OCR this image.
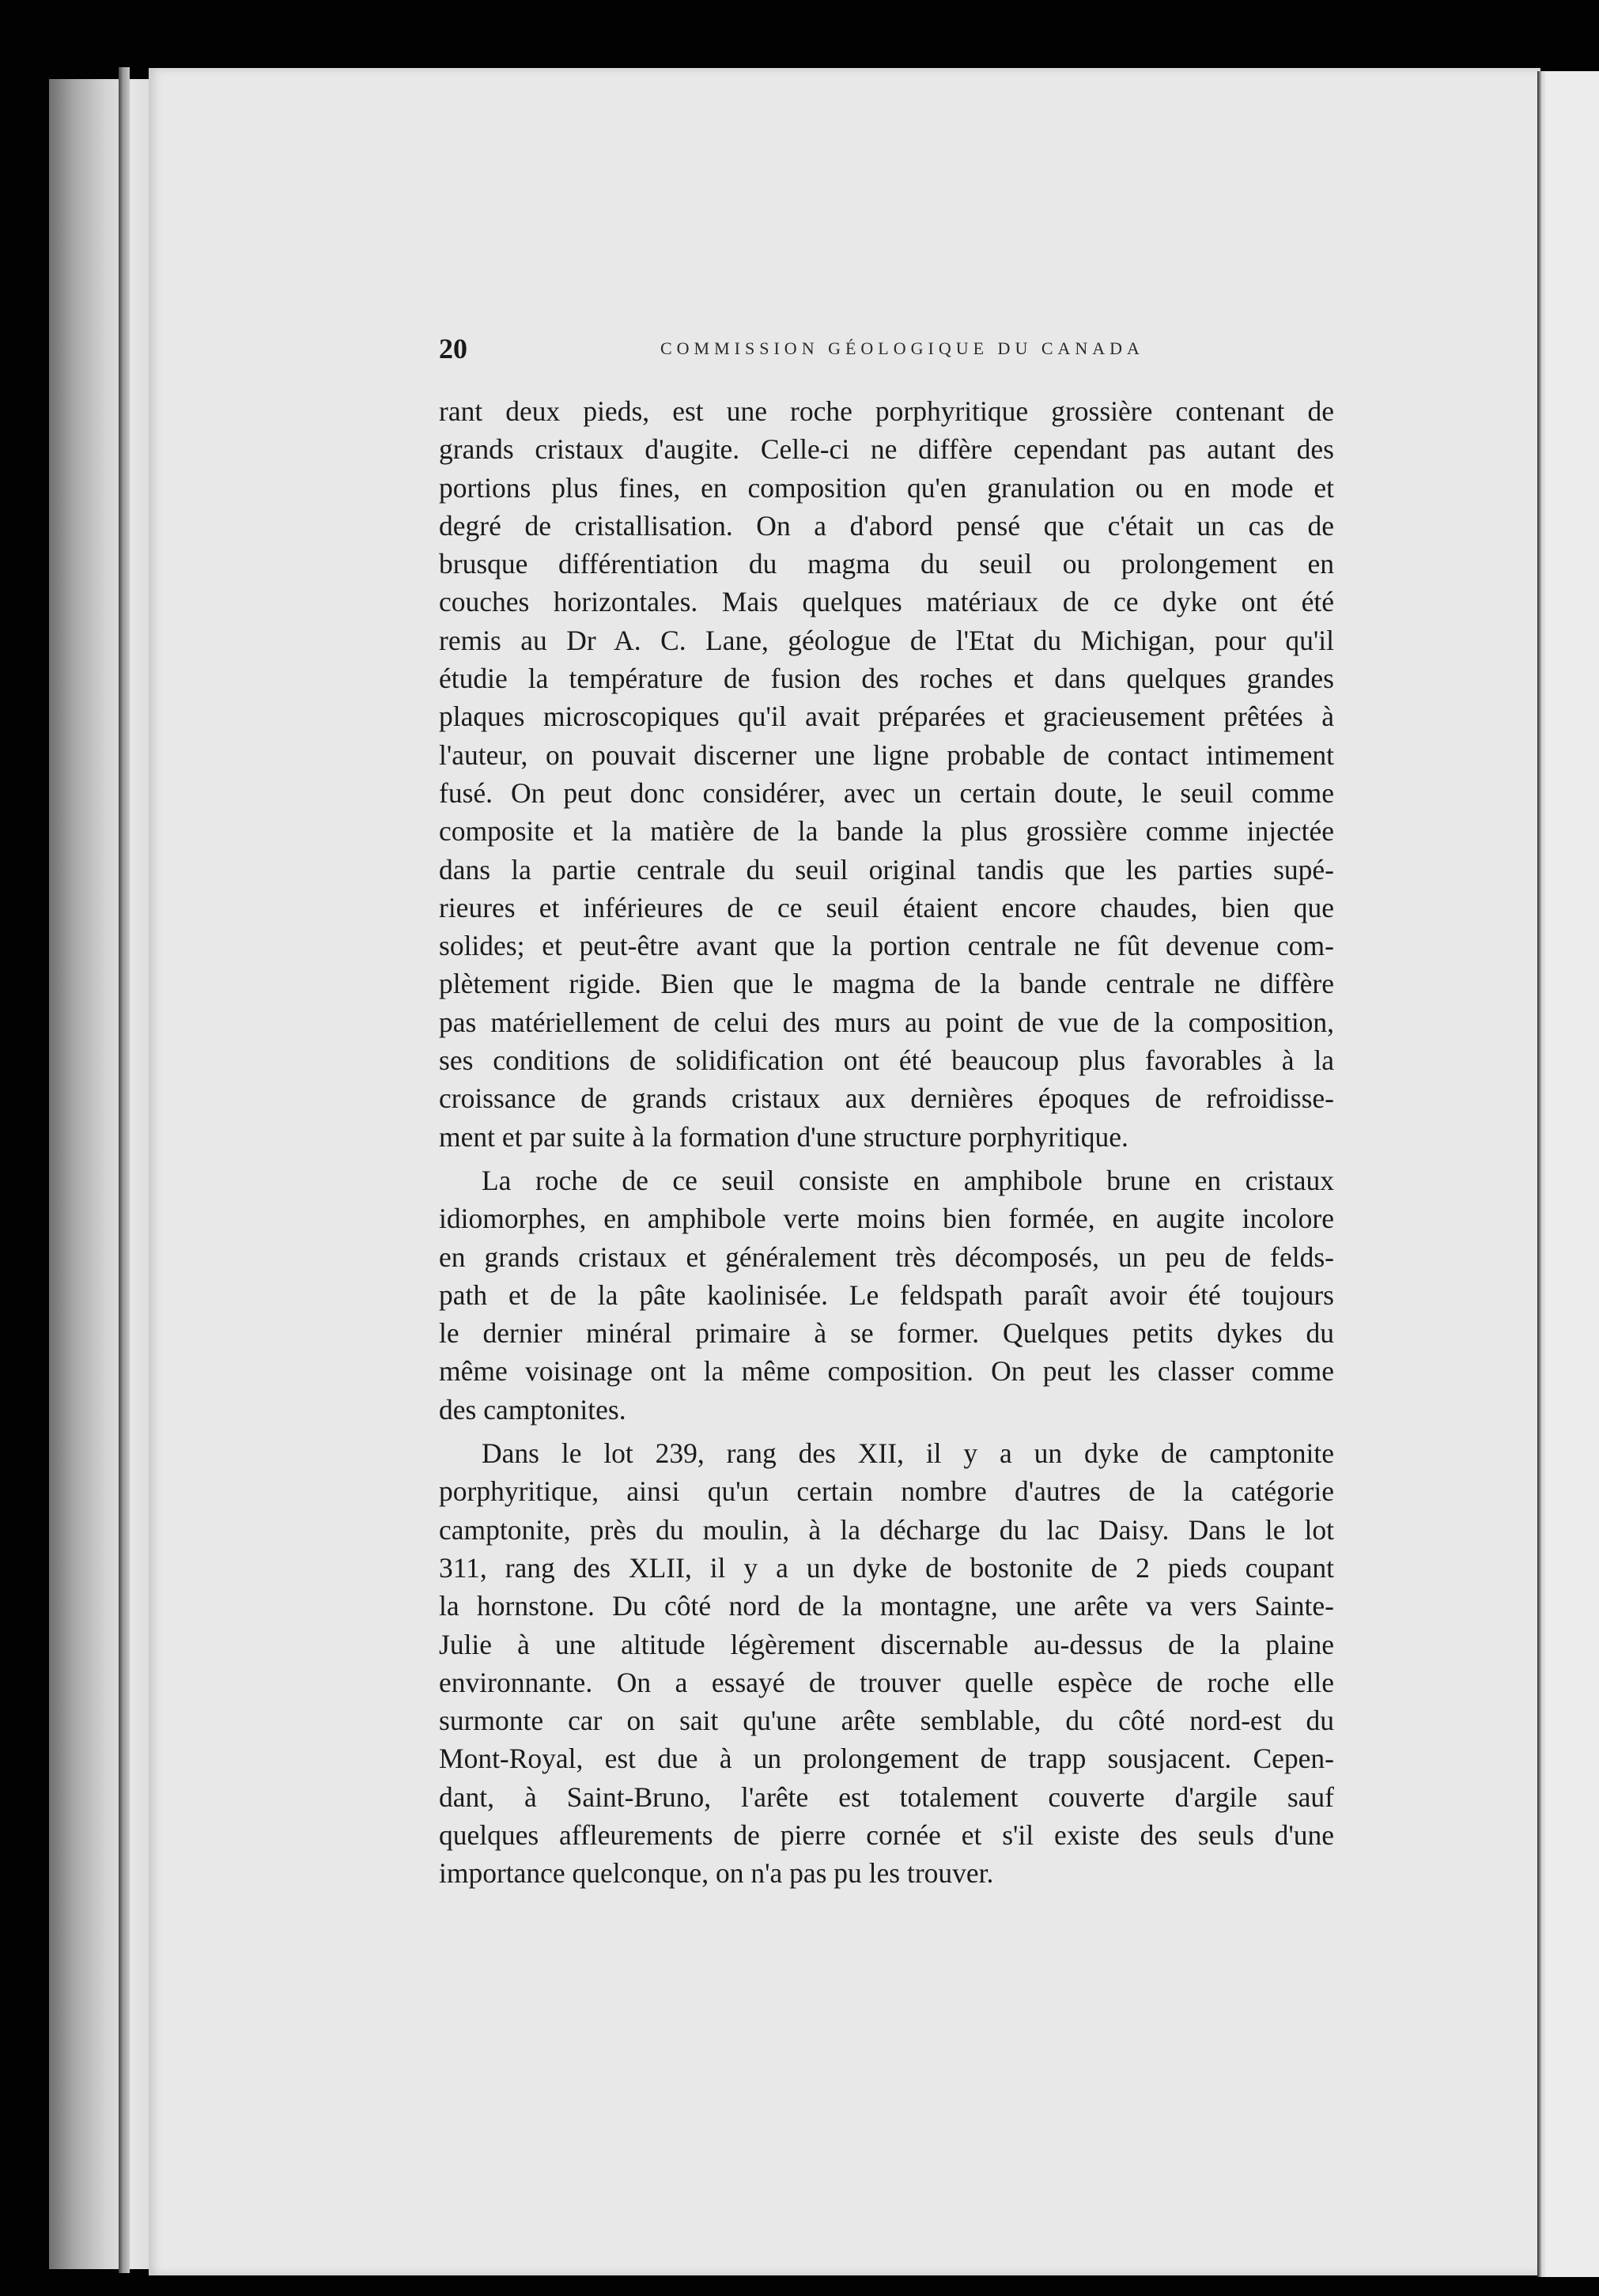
20	COMMISSION GÉOLOGIQUE DU CANADA
rant deux pieds, est une roche porphyritique grossière contenant de
grands cristaux d'augite. Celle-ci ne diffère cependant pas autant des
portions plus fines, en composition qu'en granulation ou en mode et
degré de cristallisation. On a d'abord pensé que c'était un cas de
brusque différentiation du magma du seuil ou prolongement en
couches horizontales. Mais quelques matériaux de ce dyke ont été
remis au Dr A. C. Lane, géologue de l'Etat du Michigan, pour qu'il
étudie la température de fusion des roches et dans quelques grandes
plaques microscopiques qu'il avait préparées et gracieusement prêtées à
l'auteur, on pouvait discerner une ligne probable de contact intimement
fusé. On peut donc considérer, avec un certain doute, le seuil comme
composite et la matière de la bande la plus grossière comme injectée
dans la partie centrale du seuil original tandis que les parties supé-
rieures et inférieures de ce seuil étaient encore chaudes, bien que
solides; et peut-être avant que la portion centrale ne fût devenue com-
plètement rigide. Bien que le magma de la bande centrale ne diffère
pas matériellement de celui des murs au point de vue de la composition,
ses conditions de solidification ont été beaucoup plus favorables à la
croissance de grands cristaux aux dernières époques de refroidisse-
ment et par suite à la formation d'une structure porphyritique.
La roche de ce seuil consiste en amphibole brune en cristaux
idiomorphes, en amphibole verte moins bien formée, en augite incolore
en grands cristaux et généralement très décomposés, un peu de felds-
path et de la pâte kaolinisée. Le feldspath paraît avoir été toujours
le dernier minéral primaire à se former. Quelques petits dykes du
même voisinage ont la même composition. On peut les classer comme
des camptonites.
Dans le lot 239, rang des XII, il y a un dyke de camptonite
porphyritique, ainsi qu'un certain nombre d'autres de la catégorie
camptonite, près du moulin, à la décharge du lac Daisy. Dans le lot
311, rang des XLII, il y a un dyke de bostonite de 2 pieds coupant
la hornstone. Du côté nord de la montagne, une arête va vers Sainte-
Julie à une altitude légèrement discernable au-dessus de la plaine
environnante. On a essayé de trouver quelle espèce de roche elle
surmonte car on sait qu'une arête semblable, du côté nord-est du
Mont-Royal, est due à un prolongement de trapp sousjacent. Cepen-
dant, à Saint-Bruno, l'arête est totalement couverte d'argile sauf
quelques affleurements de pierre cornée et s'il existe des seuls d'une
importance quelconque, on n'a pas pu les trouver.
